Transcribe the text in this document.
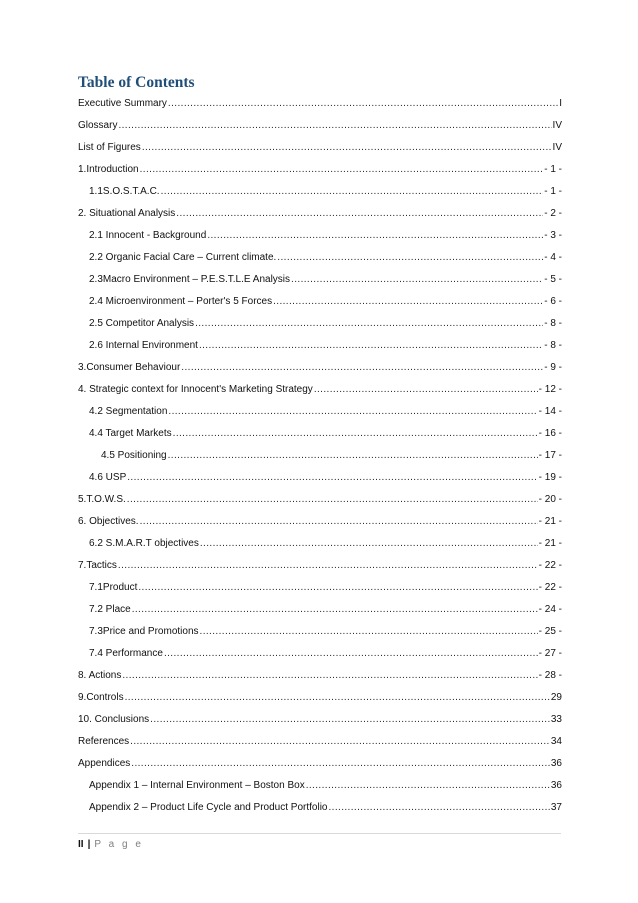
Table of Contents
Executive Summary .....	I
Glossary .....	IV
List of Figures .....	IV
1.Introduction .....	- 1 -
1.1S.O.S.T.A.C. .....	- 1 -
2. Situational Analysis .....	- 2 -
2.1 Innocent - Background .....	- 3 -
2.2 Organic Facial Care – Current climate. .....	- 4 -
2.3Macro Environment – P.E.S.T.L.E Analysis .....	- 5 -
2.4 Microenvironment – Porter's 5 Forces .....	- 6 -
2.5 Competitor Analysis .....	- 8 -
2.6 Internal Environment .....	- 8 -
3.Consumer Behaviour .....	- 9 -
4. Strategic context for Innocent's Marketing Strategy .....	- 12 -
4.2 Segmentation .....	- 14 -
4.4 Target Markets .....	- 16 -
4.5 Positioning .....	- 17 -
4.6 USP .....	- 19 -
5.T.O.W.S. .....	- 20 -
6. Objectives. .....	- 21 -
6.2 S.M.A.R.T objectives .....	- 21 -
7.Tactics .....	- 22 -
7.1Product .....	- 22 -
7.2 Place .....	- 24 -
7.3Price and Promotions .....	- 25 -
7.4 Performance .....	- 27 -
8. Actions .....	- 28 -
9.Controls .....	29
10. Conclusions .....	33
References .....	34
Appendices .....	36
Appendix 1 – Internal Environment – Boston Box .....	36
Appendix 2 – Product Life Cycle and Product Portfolio .....	37
II | P a g e
